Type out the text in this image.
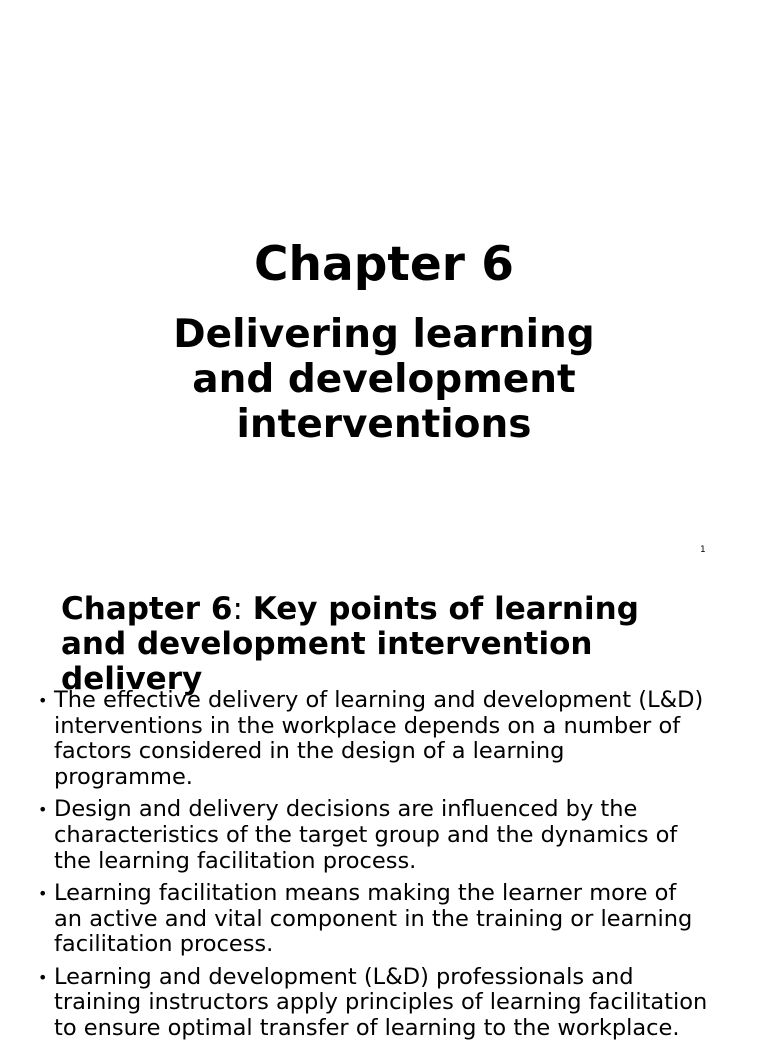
Chapter 6
Delivering learning
and development
interventions
1
Chapter 6: Key points of learning
and development intervention
delivery
• The effective delivery of learning and development (L&D)
interventions in the workplace depends on a number of
factors considered in the design of a learning
programme.
• Design and delivery decisions are influenced by the
characteristics of the target group and the dynamics of
the learning facilitation process.
• Learning facilitation means making the learner more of
an active and vital component in the training or learning
facilitation process.
• Learning and development (L&D) professionals and
training instructors apply principles of learning facilitation
to ensure optimal transfer of learning to the workplace.
